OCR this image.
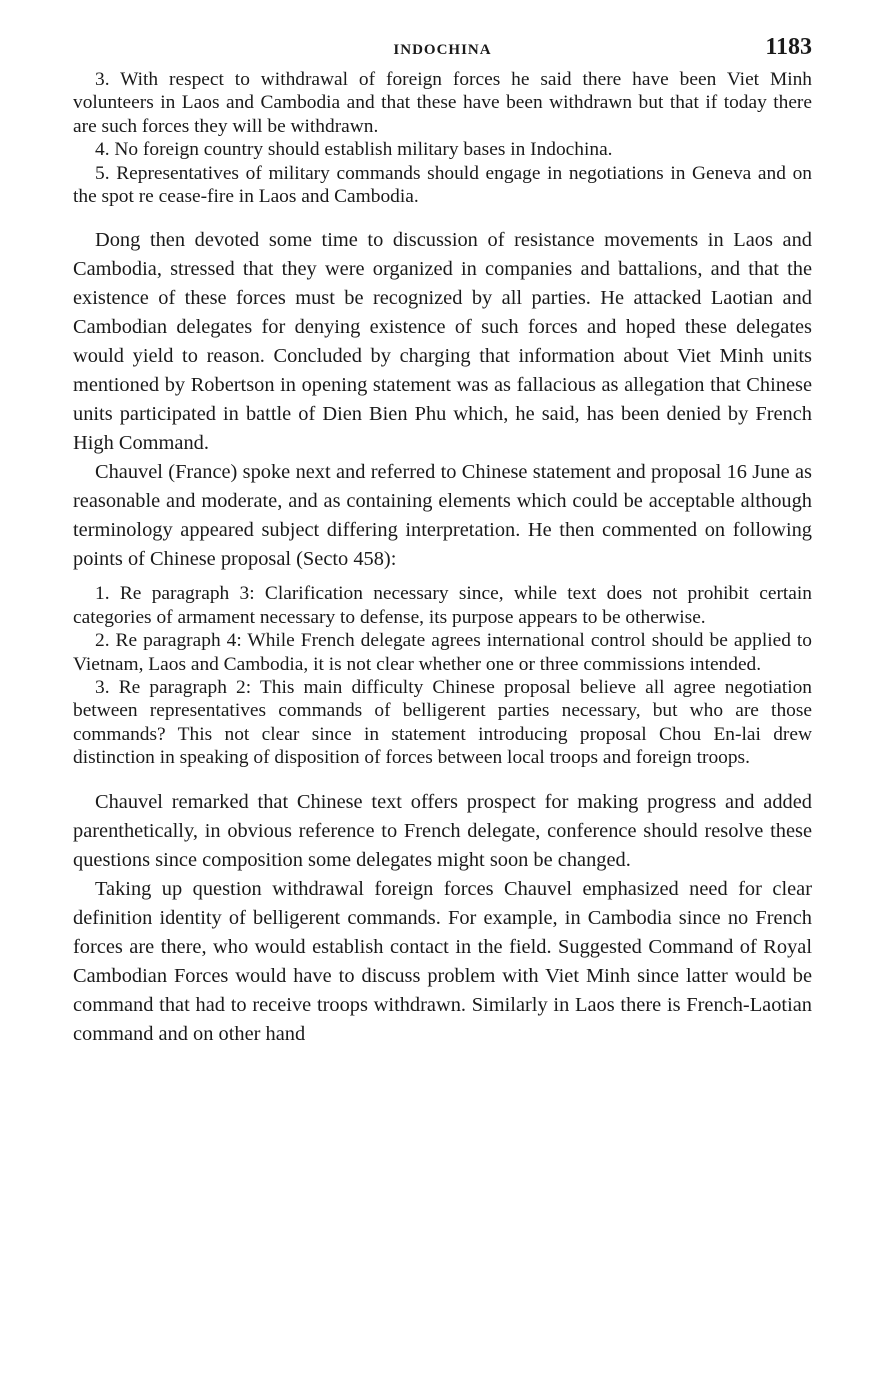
INDOCHINA	1183

3. With respect to withdrawal of foreign forces he said there have been Viet Minh volunteers in Laos and Cambodia and that these have been withdrawn but that if today there are such forces they will be withdrawn.

4. No foreign country should establish military bases in Indochina.

5. Representatives of military commands should engage in negotiations in Geneva and on the spot re cease-fire in Laos and Cambodia.

Dong then devoted some time to discussion of resistance movements in Laos and Cambodia, stressed that they were organized in companies and battalions, and that the existence of these forces must be recognized by all parties. He attacked Laotian and Cambodian delegates for denying existence of such forces and hoped these delegates would yield to reason. Concluded by charging that information about Viet Minh units mentioned by Robertson in opening statement was as fallacious as allegation that Chinese units participated in battle of Dien Bien Phu which, he said, has been denied by French High Command.

Chauvel (France) spoke next and referred to Chinese statement and proposal 16 June as reasonable and moderate, and as containing elements which could be acceptable although terminology appeared subject differing interpretation. He then commented on following points of Chinese proposal (Secto 458):

1. Re paragraph 3: Clarification necessary since, while text does not prohibit certain categories of armament necessary to defense, its purpose appears to be otherwise.

2. Re paragraph 4: While French delegate agrees international control should be applied to Vietnam, Laos and Cambodia, it is not clear whether one or three commissions intended.

3. Re paragraph 2: This main difficulty Chinese proposal believe all agree negotiation between representatives commands of belligerent parties necessary, but who are those commands? This not clear since in statement introducing proposal Chou En-lai drew distinction in speaking of disposition of forces between local troops and foreign troops.

Chauvel remarked that Chinese text offers prospect for making progress and added parenthetically, in obvious reference to French delegate, conference should resolve these questions since composition some delegates might soon be changed.

Taking up question withdrawal foreign forces Chauvel emphasized need for clear definition identity of belligerent commands. For example, in Cambodia since no French forces are there, who would establish contact in the field. Suggested Command of Royal Cambodian Forces would have to discuss problem with Viet Minh since latter would be command that had to receive troops withdrawn. Similarly in Laos there is French-Laotian command and on other hand
